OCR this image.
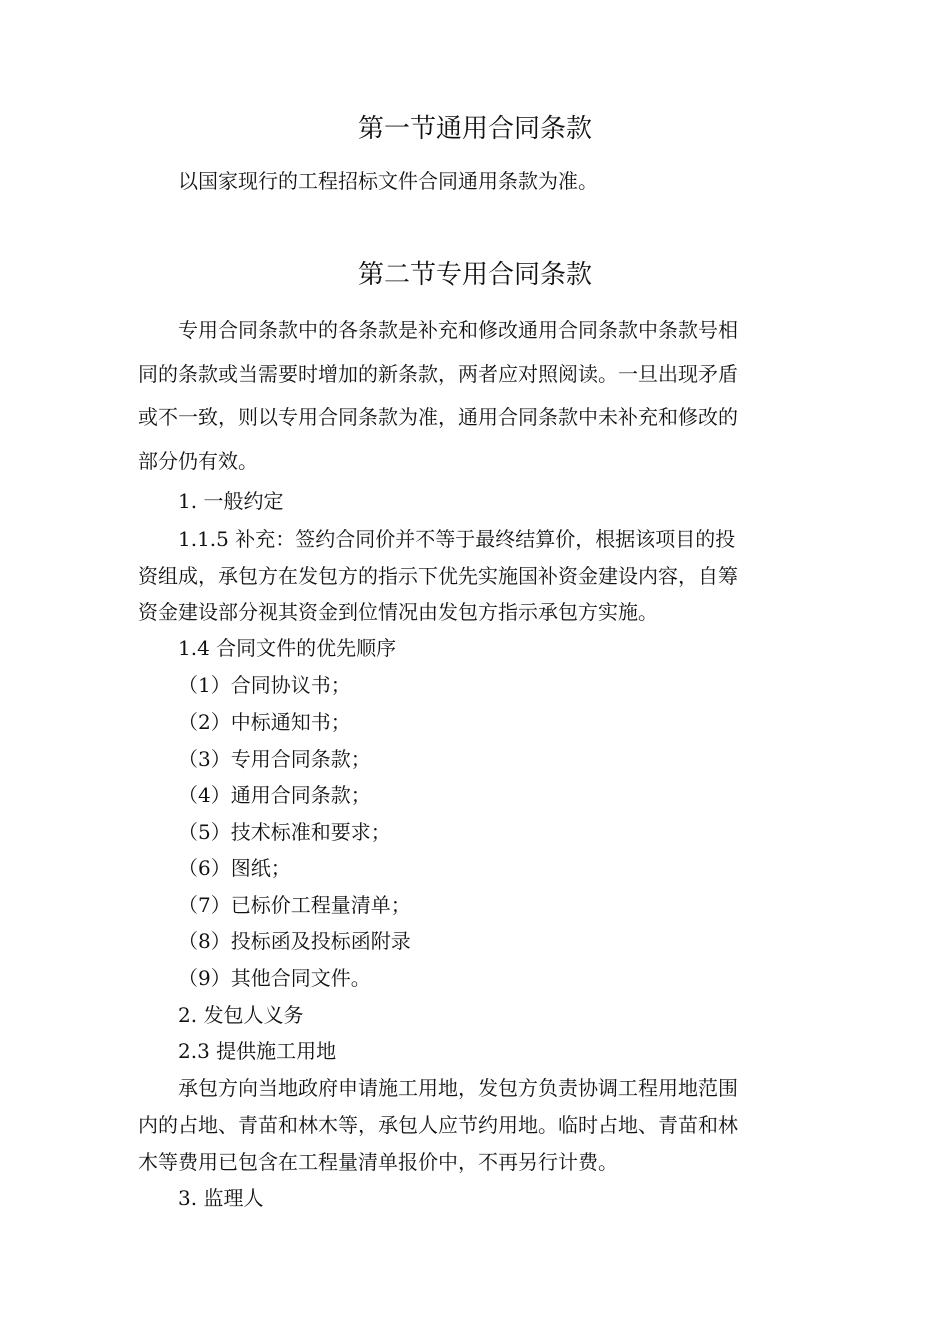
第一节通用合同条款

以国家现行的工程招标文件合同通用条款为准。

第二节专用合同条款

专用合同条款中的各条款是补充和修改通用合同条款中条款号相

同的条款或当需要时增加的新条款，两者应对照阅读。一旦出现矛盾

或不一致，则以专用合同条款为准，通用合同条款中未补充和修改的

部分仍有效。

1. 一般约定

1.1.5 补充：签约合同价并不等于最终结算价，根据该项目的投

资组成，承包方在发包方的指示下优先实施国补资金建设内容，自筹

资金建设部分视其资金到位情况由发包方指示承包方实施。

1.4 合同文件的优先顺序

（1）合同协议书；

（2）中标通知书；

（3）专用合同条款；

（4）通用合同条款；

（5）技术标准和要求；

（6）图纸；

（7）已标价工程量清单；

（8）投标函及投标函附录

（9）其他合同文件。

2. 发包人义务

2.3 提供施工用地

承包方向当地政府申请施工用地，发包方负责协调工程用地范围

内的占地、青苗和林木等，承包人应节约用地。临时占地、青苗和林

木等费用已包含在工程量清单报价中，不再另行计费。

3. 监理人
